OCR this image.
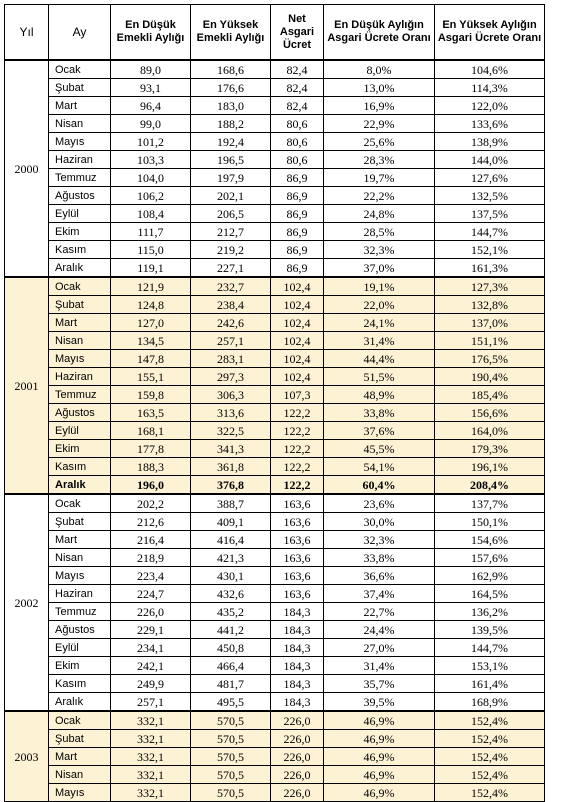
Yıl	Ay	En Düşük Emekli Aylığı	En Yüksek Emekli Aylığı	Net Asgari Ücret	En Düşük Aylığın Asgari Ücrete Oranı	En Yüksek Aylığın Asgari Ücrete Oranı
2000	Ocak	89,0	168,6	82,4	8,0%	104,6%
	Şubat	93,1	176,6	82,4	13,0%	114,3%
	Mart	96,4	183,0	82,4	16,9%	122,0%
	Nisan	99,0	188,2	80,6	22,9%	133,6%
	Mayıs	101,2	192,4	80,6	25,6%	138,9%
	Haziran	103,3	196,5	80,6	28,3%	144,0%
	Temmuz	104,0	197,9	86,9	19,7%	127,6%
	Ağustos	106,2	202,1	86,9	22,2%	132,5%
	Eylül	108,4	206,5	86,9	24,8%	137,5%
	Ekim	111,7	212,7	86,9	28,5%	144,7%
	Kasım	115,0	219,2	86,9	32,3%	152,1%
	Aralık	119,1	227,1	86,9	37,0%	161,3%
2001	Ocak	121,9	232,7	102,4	19,1%	127,3%
	Şubat	124,8	238,4	102,4	22,0%	132,8%
	Mart	127,0	242,6	102,4	24,1%	137,0%
	Nisan	134,5	257,1	102,4	31,4%	151,1%
	Mayıs	147,8	283,1	102,4	44,4%	176,5%
	Haziran	155,1	297,3	102,4	51,5%	190,4%
	Temmuz	159,8	306,3	107,3	48,9%	185,4%
	Ağustos	163,5	313,6	122,2	33,8%	156,6%
	Eylül	168,1	322,5	122,2	37,6%	164,0%
	Ekim	177,8	341,3	122,2	45,5%	179,3%
	Kasım	188,3	361,8	122,2	54,1%	196,1%
	Aralık	196,0	376,8	122,2	60,4%	208,4%
2002	Ocak	202,2	388,7	163,6	23,6%	137,7%
	Şubat	212,6	409,1	163,6	30,0%	150,1%
	Mart	216,4	416,4	163,6	32,3%	154,6%
	Nisan	218,9	421,3	163,6	33,8%	157,6%
	Mayıs	223,4	430,1	163,6	36,6%	162,9%
	Haziran	224,7	432,6	163,6	37,4%	164,5%
	Temmuz	226,0	435,2	184,3	22,7%	136,2%
	Ağustos	229,1	441,2	184,3	24,4%	139,5%
	Eylül	234,1	450,8	184,3	27,0%	144,7%
	Ekim	242,1	466,4	184,3	31,4%	153,1%
	Kasım	249,9	481,7	184,3	35,7%	161,4%
	Aralık	257,1	495,5	184,3	39,5%	168,9%
2003	Ocak	332,1	570,5	226,0	46,9%	152,4%
	Şubat	332,1	570,5	226,0	46,9%	152,4%
	Mart	332,1	570,5	226,0	46,9%	152,4%
	Nisan	332,1	570,5	226,0	46,9%	152,4%
	Mayıs	332,1	570,5	226,0	46,9%	152,4%
